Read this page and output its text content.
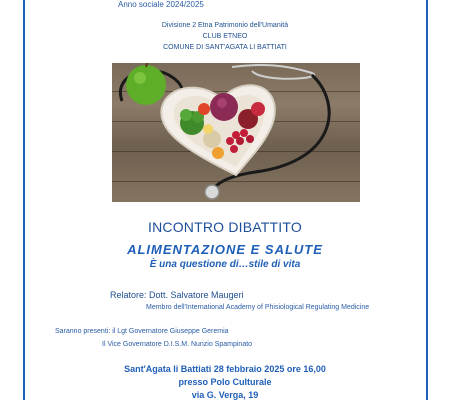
Anno sociale 2024/2025
Divisione 2 Etna Patrimonio dell'Umanità
CLUB ETNEO
COMUNE DI SANT'AGATA LI BATTIATI
INCONTRO DIBATTITO
ALIMENTAZIONE E SALUTE
È una questione di…stile di vita
Relatore: Dott. Salvatore Maugeri
Membro dell'International Academy of Phisiological Regulating Medicine
Saranno presenti: il Lgt Governatore Giuseppe Geremia
Il Vice Governatore D.I.S.M. Nunzio Spampinato
Sant'Agata li Battiati 28 febbraio 2025 ore 16,00
presso Polo Culturale
via G. Verga, 19
